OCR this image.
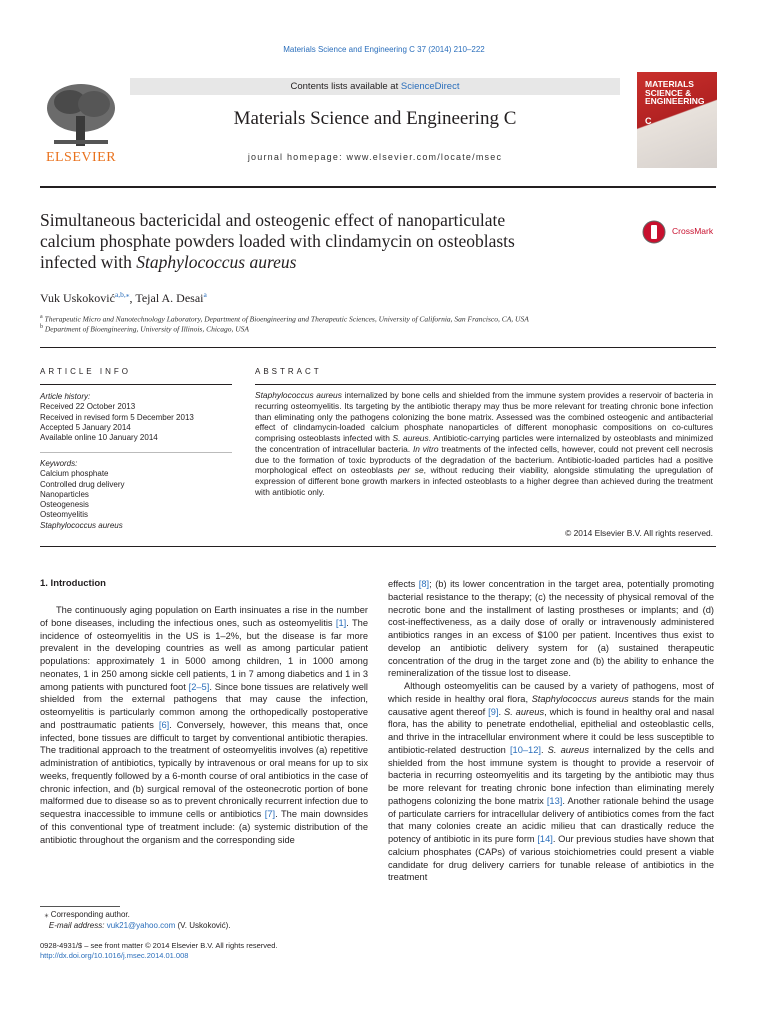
Materials Science and Engineering C 37 (2014) 210–222
ELSEVIER
Contents lists available at ScienceDirect
Materials Science and Engineering C
journal homepage: www.elsevier.com/locate/msec
MATERIALS SCIENCE & ENGINEERING
C
Simultaneous bactericidal and osteogenic effect of nanoparticulate
calcium phosphate powders loaded with clindamycin on osteoblasts
infected with Staphylococcus aureus
CrossMark
Vuk Uskoković$^{a,b,⁎}$, Tejal A. Desai$^a$
$^a$ Therapeutic Micro and Nanotechnology Laboratory, Department of Bioengineering and Therapeutic Sciences, University of California, San Francisco, CA, USA
$^b$ Department of Bioengineering, University of Illinois, Chicago, USA
ARTICLE INFO
Article history:
Received 22 October 2013
Received in revised form 5 December 2013
Accepted 5 January 2014
Available online 10 January 2014
Keywords:
Calcium phosphate
Controlled drug delivery
Nanoparticles
Osteogenesis
Osteomyelitis
Staphylococcus aureus
ABSTRACT
Staphylococcus aureus internalized by bone cells and shielded from the immune system provides a reservoir of bacteria in recurring osteomyelitis. Its targeting by the antibiotic therapy may thus be more relevant for treating chronic bone infection than eliminating only the pathogens colonizing the bone matrix. Assessed was the combined osteogenic and antibacterial effect of clindamycin-loaded calcium phosphate nanoparticles of different monophasic compositions on co-cultures comprising osteoblasts infected with S. aureus. Antibiotic-carrying particles were internalized by osteoblasts and minimized the concentration of intracellular bacteria. In vitro treatments of the infected cells, however, could not prevent cell necrosis due to the formation of toxic byproducts of the degradation of the bacterium. Antibiotic-loaded particles had a positive morphological effect on osteoblasts per se, without reducing their viability, alongside stimulating the upregulation of expression of different bone growth markers in infected osteoblasts to a higher degree than achieved during the treatment with antibiotic only.
© 2014 Elsevier B.V. All rights reserved.
1. Introduction

The continuously aging population on Earth insinuates a rise in the number of bone diseases, including the infectious ones, such as osteomyelitis [1]. The incidence of osteomyelitis in the US is 1–2%, but the disease is far more prevalent in the developing countries as well as among particular patient populations: approximately 1 in 5000 among children, 1 in 1000 among neonates, 1 in 250 among sickle cell patients, 1 in 7 among diabetics and 1 in 3 among patients with punctured foot [2–5]. Since bone tissues are relatively well shielded from the external pathogens that may cause the infection, osteomyelitis is particularly common among the orthopedically postoperative and posttraumatic patients [6]. Conversely, however, this means that, once infected, bone tissues are difficult to target by conventional antibiotic therapies. The traditional approach to the treatment of osteomyelitis involves (a) repetitive administration of antibiotics, typically by intravenous or oral means for up to six weeks, frequently followed by a 6-month course of oral antibiotics in the case of chronic infection, and (b) surgical removal of the osteonecrotic portion of bone malformed due to disease so as to prevent chronically recurrent infection due to sequestra inaccessible to immune cells or antibiotics [7]. The main downsides of this conventional type of treatment include: (a) systemic distribution of the antibiotic throughout the organism and the corresponding side

effects [8]; (b) its lower concentration in the target area, potentially promoting bacterial resistance to the therapy; (c) the necessity of physical removal of the necrotic bone and the installment of lasting prostheses or implants; and (d) cost-ineffectiveness, as a daily dose of orally or intravenously administered antibiotics ranges in an excess of $100 per patient. Incentives thus exist to develop an antibiotic delivery system for (a) sustained therapeutic concentration of the drug in the target zone and (b) the ability to enhance the remineralization of the tissue lost to disease.

Although osteomyelitis can be caused by a variety of pathogens, most of which reside in healthy oral flora, Staphylococcus aureus stands for the main causative agent thereof [9]. S. aureus, which is found in healthy oral and nasal flora, has the ability to penetrate endothelial, epithelial and osteoblastic cells, and thrive in the intracellular environment where it could be less susceptible to antibiotic-related destruction [10–12]. S. aureus internalized by the cells and shielded from the host immune system is thought to provide a reservoir of bacteria in recurring osteomyelitis and its targeting by the antibiotic may thus be more relevant for treating chronic bone infection than eliminating merely pathogens colonizing the bone matrix [13]. Another rationale behind the usage of particulate carriers for intracellular delivery of antibiotics comes from the fact that many colonies create an acidic milieu that can drastically reduce the potency of antibiotic in its pure form [14]. Our previous studies have shown that calcium phosphates (CAPs) of various stoichiometries could present a viable candidate for drug delivery carriers for tunable release of antibiotics in the treatment

⁎ Corresponding author.
E-mail address: vuk21@yahoo.com (V. Uskoković).
0928-4931/$ – see front matter © 2014 Elsevier B.V. All rights reserved.
http://dx.doi.org/10.1016/j.msec.2014.01.008
